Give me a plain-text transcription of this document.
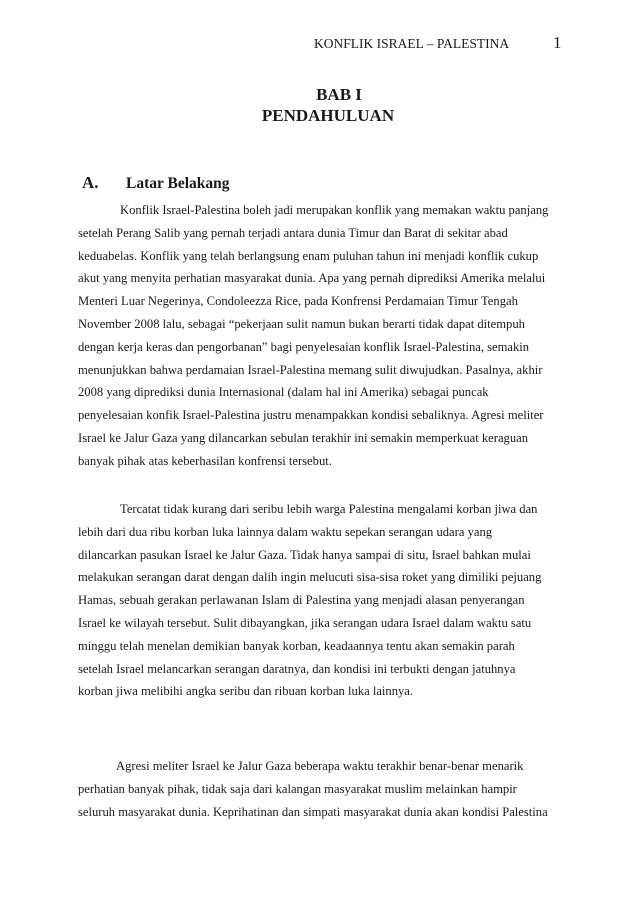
KONFLIK ISRAEL – PALESTINA	1
BAB I
PENDAHULUAN
A. Latar Belakang

Konflik Israel-Palestina boleh jadi merupakan konflik yang memakan waktu panjang
setelah Perang Salib yang pernah terjadi antara dunia Timur dan Barat di sekitar abad
keduabelas. Konflik yang telah berlangsung enam puluhan tahun ini menjadi konflik cukup
akut yang menyita perhatian masyarakat dunia. Apa yang pernah diprediksi Amerika melalui
Menteri Luar Negerinya, Condoleezza Rice, pada Konfrensi Perdamaian Timur Tengah
November 2008 lalu, sebagai “pekerjaan sulit namun bukan berarti tidak dapat ditempuh
dengan kerja keras dan pengorbanan” bagi penyelesaian konflik Israel-Palestina, semakin
menunjukkan bahwa perdamaian Israel-Palestina memang sulit diwujudkan. Pasalnya, akhir
2008 yang diprediksi dunia Internasional (dalam hal ini Amerika) sebagai puncak
penyelesaian konfik Israel-Palestina justru menampakkan kondisi sebaliknya. Agresi meliter
Israel ke Jalur Gaza yang dilancarkan sebulan terakhir ini semakin memperkuat keraguan
banyak pihak atas keberhasilan konfrensi tersebut.

Tercatat tidak kurang dari seribu lebih warga Palestina mengalami korban jiwa dan
lebih dari dua ribu korban luka lainnya dalam waktu sepekan serangan udara yang
dilancarkan pasukan Israel ke Jalur Gaza. Tidak hanya sampai di situ, Israel bahkan mulai
melakukan serangan darat dengan dalih ingin melucuti sisa-sisa roket yang dimiliki pejuang
Hamas, sebuah gerakan perlawanan Islam di Palestina yang menjadi alasan penyerangan
Israel ke wilayah tersebut. Sulit dibayangkan, jika serangan udara Israel dalam waktu satu
minggu telah menelan demikian banyak korban, keadaannya tentu akan semakin parah
setelah Israel melancarkan serangan daratnya, dan kondisi ini terbukti dengan jatuhnya
korban jiwa melibihi angka seribu dan ribuan korban luka lainnya.

Agresi meliter Israel ke Jalur Gaza beberapa waktu terakhir benar-benar menarik
perhatian banyak pihak, tidak saja dari kalangan masyarakat muslim melainkan hampir
seluruh masyarakat dunia. Keprihatinan dan simpati masyarakat dunia akan kondisi Palestina
